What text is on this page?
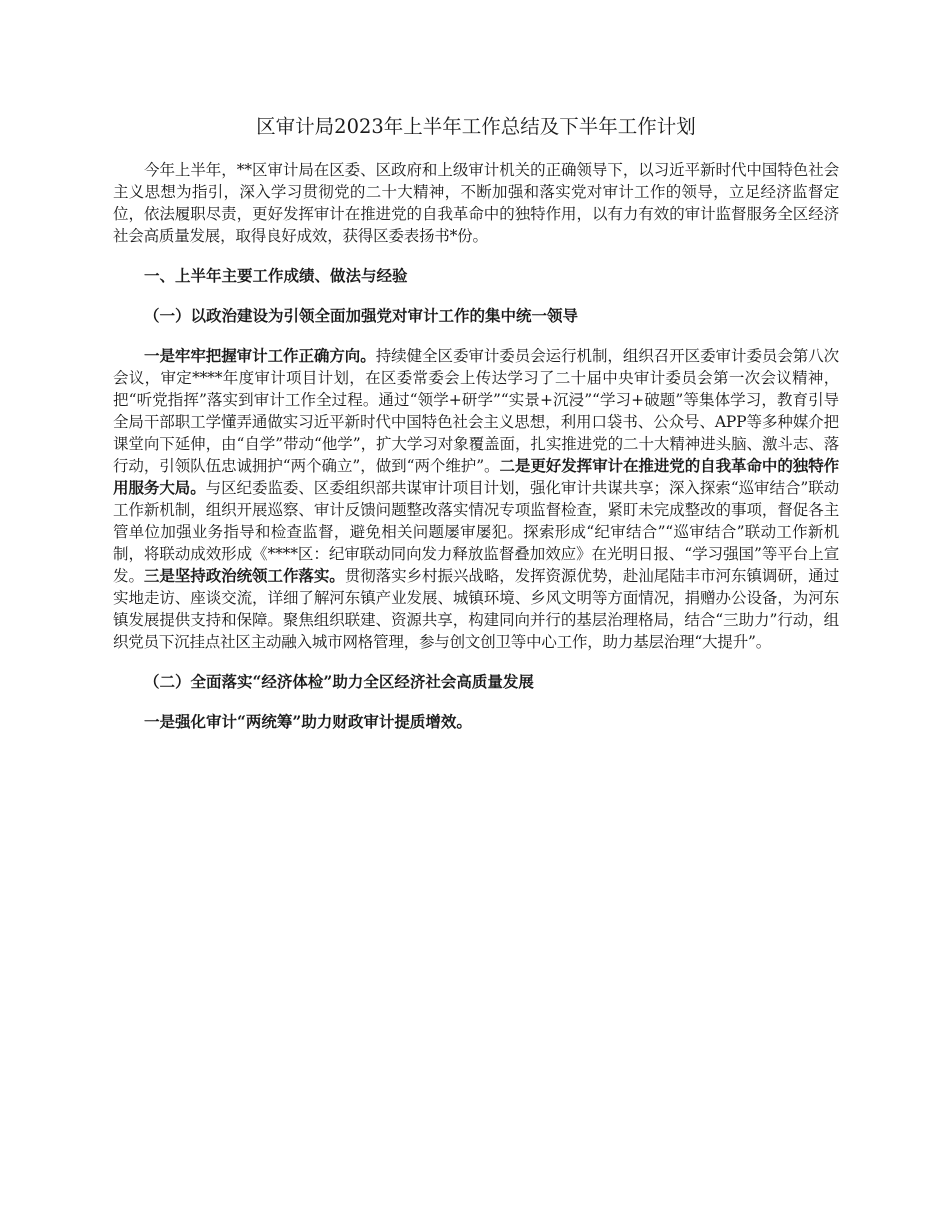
区审计局2023年上半年工作总结及下半年工作计划

今年上半年，**区审计局在区委、区政府和上级审计机关的正确领导下，以习近平新时代中国特色社会主义思想为指引，深入学习贯彻党的二十大精神，不断加强和落实党对审计工作的领导，立足经济监督定位，依法履职尽责，更好发挥审计在推进党的自我革命中的独特作用，以有力有效的审计监督服务全区经济社会高质量发展，取得良好成效，获得区委表扬书*份。

一、上半年主要工作成绩、做法与经验
（一）以政治建设为引领全面加强党对审计工作的集中统一领导

一是牢牢把握审计工作正确方向。持续健全区委审计委员会运行机制，组织召开区委审计委员会第八次会议，审定****年度审计项目计划，在区委常委会上传达学习了二十届中央审计委员会第一次会议精神，把“听党指挥”落实到审计工作全过程。通过“领学+研学”“实景+沉浸”“学习+破题”等集体学习，教育引导全局干部职工学懂弄通做实习近平新时代中国特色社会主义思想，利用口袋书、公众号、APP等多种媒介把课堂向下延伸，由“自学”带动“他学”，扩大学习对象覆盖面，扎实推进党的二十大精神进头脑、激斗志、落行动，引领队伍忠诚拥护“两个确立”，做到“两个维护”。二是更好发挥审计在推进党的自我革命中的独特作用服务大局。与区纪委监委、区委组织部共谋审计项目计划，强化审计共谋共享；深入探索“巡审结合”联动工作新机制，组织开展巡察、审计反馈问题整改落实情况专项监督检查，紧盯未完成整改的事项，督促各主管单位加强业务指导和检查监督，避免相关问题屡审屡犯。探索形成“纪审结合”“巡审结合”联动工作新机制，将联动成效形成《****区：纪审联动同向发力释放监督叠加效应》在光明日报、“学习强国”等平台上宣发。三是坚持政治统领工作落实。贯彻落实乡村振兴战略，发挥资源优势，赴汕尾陆丰市河东镇调研，通过实地走访、座谈交流，详细了解河东镇产业发展、城镇环境、乡风文明等方面情况，捐赠办公设备，为河东镇发展提供支持和保障。聚焦组织联建、资源共享，构建同向并行的基层治理格局，结合“三助力”行动，组织党员下沉挂点社区主动融入城市网格管理，参与创文创卫等中心工作，助力基层治理“大提升”。

（二）全面落实“经济体检”助力全区经济社会高质量发展
一是强化审计“两统筹”助力财政审计提质增效。
